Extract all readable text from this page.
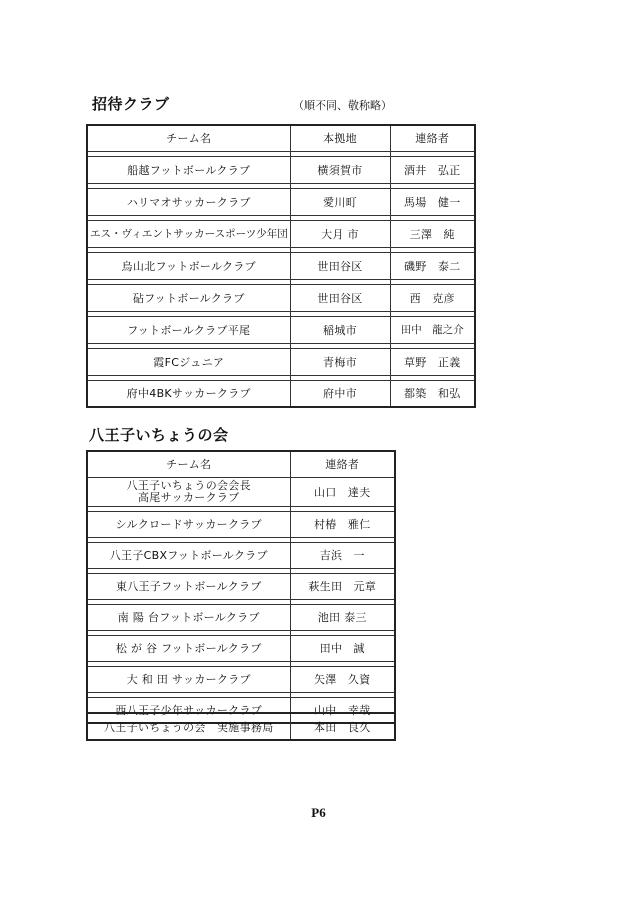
招待クラブ	（順不同、敬称略）
チーム名	本拠地	連絡者

船越フットボールクラブ	横須賀市	酒井　弘正

ハリマオサッカークラブ	愛川町	馬場　健一

エス・ヴィエントサッカースポーツ少年団	大月 市	三澤　純

烏山北フットボールクラブ	世田谷区	磯野　泰二

砧フットボールクラブ	世田谷区	西　克彦

フットボールクラブ平尾	稲城市	田中　龍之介

霞FCジュニア	青梅市	草野　正義

府中4BKサッカークラブ	府中市	都築　和弘
八王子いちょうの会
チーム名	連絡者

八王子いちょうの会会長
高尾サッカークラブ	山口　達夫

シルクロードサッカークラブ	村椿　雅仁

八王子CBXフットボールクラブ	吉浜　一

東八王子フットボールクラブ	萩生田　元章

南 陽 台フットボールクラブ	池田 泰三

松 が 谷 フットボールクラブ	田中　誠

大 和 田 サッカークラブ	矢澤　久資

西八王子少年サッカークラブ	山中　幸哉
八王子いちょうの会　実施事務局	本田　良久
P6
